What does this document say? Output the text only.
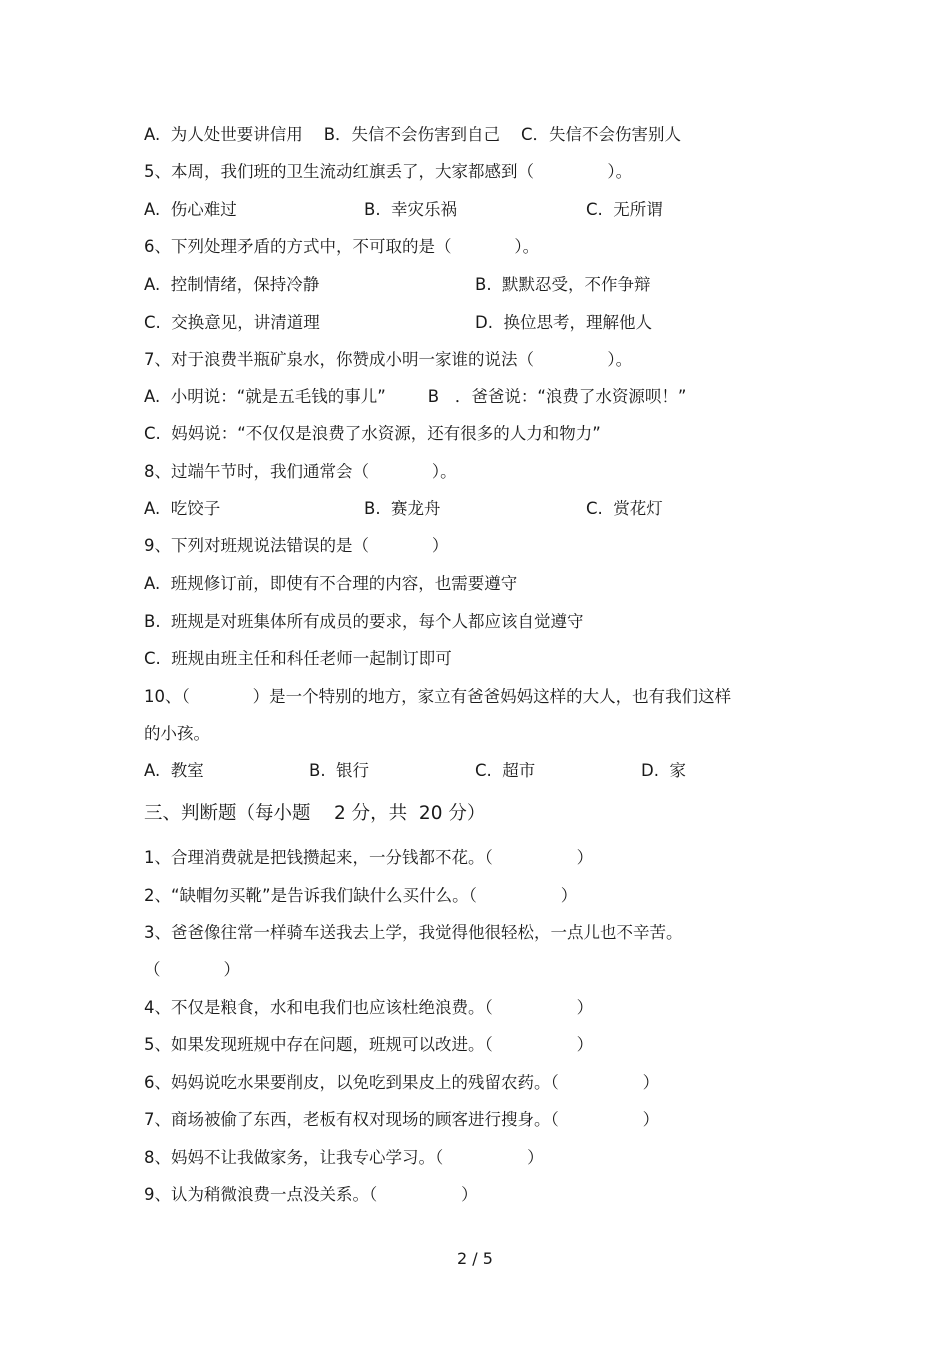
A.  为人处世要讲信用    B．失信不会伤害到自己    C．失信不会伤害别人
5、本周，我们班的卫生流动红旗丢了，大家都感到（              ）。
A.  伤心难过	B.  幸灾乐祸	C.  无所谓
6、下列处理矛盾的方式中，不可取的是（            ）。
A.  控制情绪，保持冷静	B.  默默忍受，不作争辩
C.  交换意见，讲清道理	D.  换位思考，理解他人
7、对于浪费半瓶矿泉水，你赞成小明一家谁的说法（              ）。
A.  小明说：“就是五毛钱的事儿”        B   ．爸爸说：“浪费了水资源呗！”
C.  妈妈说：“不仅仅是浪费了水资源，还有很多的人力和物力”
8、过端午节时，我们通常会（            ）。
A.  吃饺子	B.  赛龙舟	C.  赏花灯
9、下列对班规说法错误的是（            ）
A.  班规修订前，即使有不合理的内容，也需要遵守
B.  班规是对班集体所有成员的要求，每个人都应该自觉遵守
C.  班规由班主任和科任老师一起制订即可
10、（            ）是一个特别的地方，家立有爸爸妈妈这样的大人，也有我们这样
的小孩。
A.  教室	B.  银行	C.  超市	D.  家
三、判断题（每小题    2 分，共  20 分）
1、合理消费就是把钱攒起来，一分钱都不花。（                ）
2、“缺帽勿买靴”是告诉我们缺什么买什么。（                ）
3、爸爸像往常一样骑车送我去上学，我觉得他很轻松，一点儿也不辛苦。
（            ）
4、不仅是粮食，水和电我们也应该杜绝浪费。（                ）
5、如果发现班规中存在问题，班规可以改进。（                ）
6、妈妈说吃水果要削皮，以免吃到果皮上的残留农药。（                ）
7、商场被偷了东西，老板有权对现场的顾客进行搜身。（                ）
8、妈妈不让我做家务，让我专心学习。（                ）
9、认为稍微浪费一点没关系。（                ）
2 / 5
